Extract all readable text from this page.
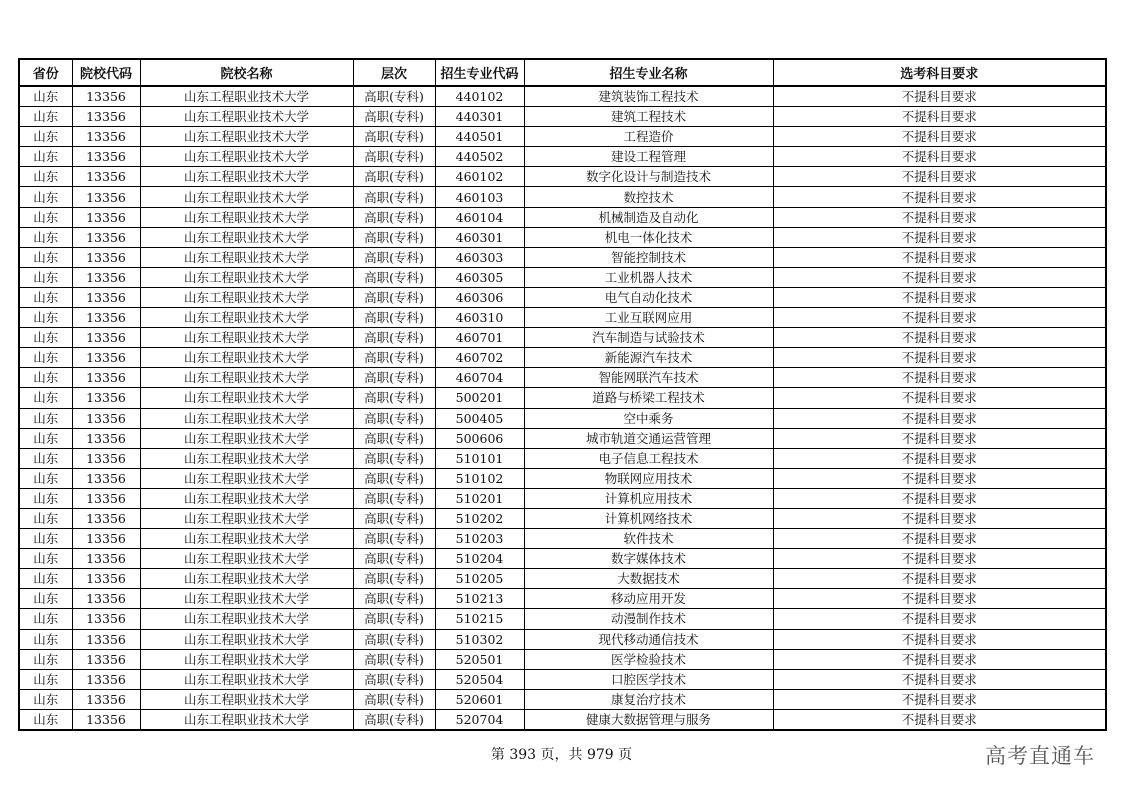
省份	院校代码	院校名称	层次	招生专业代码	招生专业名称	选考科目要求
山东	13356	山东工程职业技术大学	高职(专科)	440102	建筑装饰工程技术	不提科目要求
山东	13356	山东工程职业技术大学	高职(专科)	440301	建筑工程技术	不提科目要求
山东	13356	山东工程职业技术大学	高职(专科)	440501	工程造价	不提科目要求
山东	13356	山东工程职业技术大学	高职(专科)	440502	建设工程管理	不提科目要求
山东	13356	山东工程职业技术大学	高职(专科)	460102	数字化设计与制造技术	不提科目要求
山东	13356	山东工程职业技术大学	高职(专科)	460103	数控技术	不提科目要求
山东	13356	山东工程职业技术大学	高职(专科)	460104	机械制造及自动化	不提科目要求
山东	13356	山东工程职业技术大学	高职(专科)	460301	机电一体化技术	不提科目要求
山东	13356	山东工程职业技术大学	高职(专科)	460303	智能控制技术	不提科目要求
山东	13356	山东工程职业技术大学	高职(专科)	460305	工业机器人技术	不提科目要求
山东	13356	山东工程职业技术大学	高职(专科)	460306	电气自动化技术	不提科目要求
山东	13356	山东工程职业技术大学	高职(专科)	460310	工业互联网应用	不提科目要求
山东	13356	山东工程职业技术大学	高职(专科)	460701	汽车制造与试验技术	不提科目要求
山东	13356	山东工程职业技术大学	高职(专科)	460702	新能源汽车技术	不提科目要求
山东	13356	山东工程职业技术大学	高职(专科)	460704	智能网联汽车技术	不提科目要求
山东	13356	山东工程职业技术大学	高职(专科)	500201	道路与桥梁工程技术	不提科目要求
山东	13356	山东工程职业技术大学	高职(专科)	500405	空中乘务	不提科目要求
山东	13356	山东工程职业技术大学	高职(专科)	500606	城市轨道交通运营管理	不提科目要求
山东	13356	山东工程职业技术大学	高职(专科)	510101	电子信息工程技术	不提科目要求
山东	13356	山东工程职业技术大学	高职(专科)	510102	物联网应用技术	不提科目要求
山东	13356	山东工程职业技术大学	高职(专科)	510201	计算机应用技术	不提科目要求
山东	13356	山东工程职业技术大学	高职(专科)	510202	计算机网络技术	不提科目要求
山东	13356	山东工程职业技术大学	高职(专科)	510203	软件技术	不提科目要求
山东	13356	山东工程职业技术大学	高职(专科)	510204	数字媒体技术	不提科目要求
山东	13356	山东工程职业技术大学	高职(专科)	510205	大数据技术	不提科目要求
山东	13356	山东工程职业技术大学	高职(专科)	510213	移动应用开发	不提科目要求
山东	13356	山东工程职业技术大学	高职(专科)	510215	动漫制作技术	不提科目要求
山东	13356	山东工程职业技术大学	高职(专科)	510302	现代移动通信技术	不提科目要求
山东	13356	山东工程职业技术大学	高职(专科)	520501	医学检验技术	不提科目要求
山东	13356	山东工程职业技术大学	高职(专科)	520504	口腔医学技术	不提科目要求
山东	13356	山东工程职业技术大学	高职(专科)	520601	康复治疗技术	不提科目要求
山东	13356	山东工程职业技术大学	高职(专科)	520704	健康大数据管理与服务	不提科目要求
第 393 页，共 979 页	高考直通车
